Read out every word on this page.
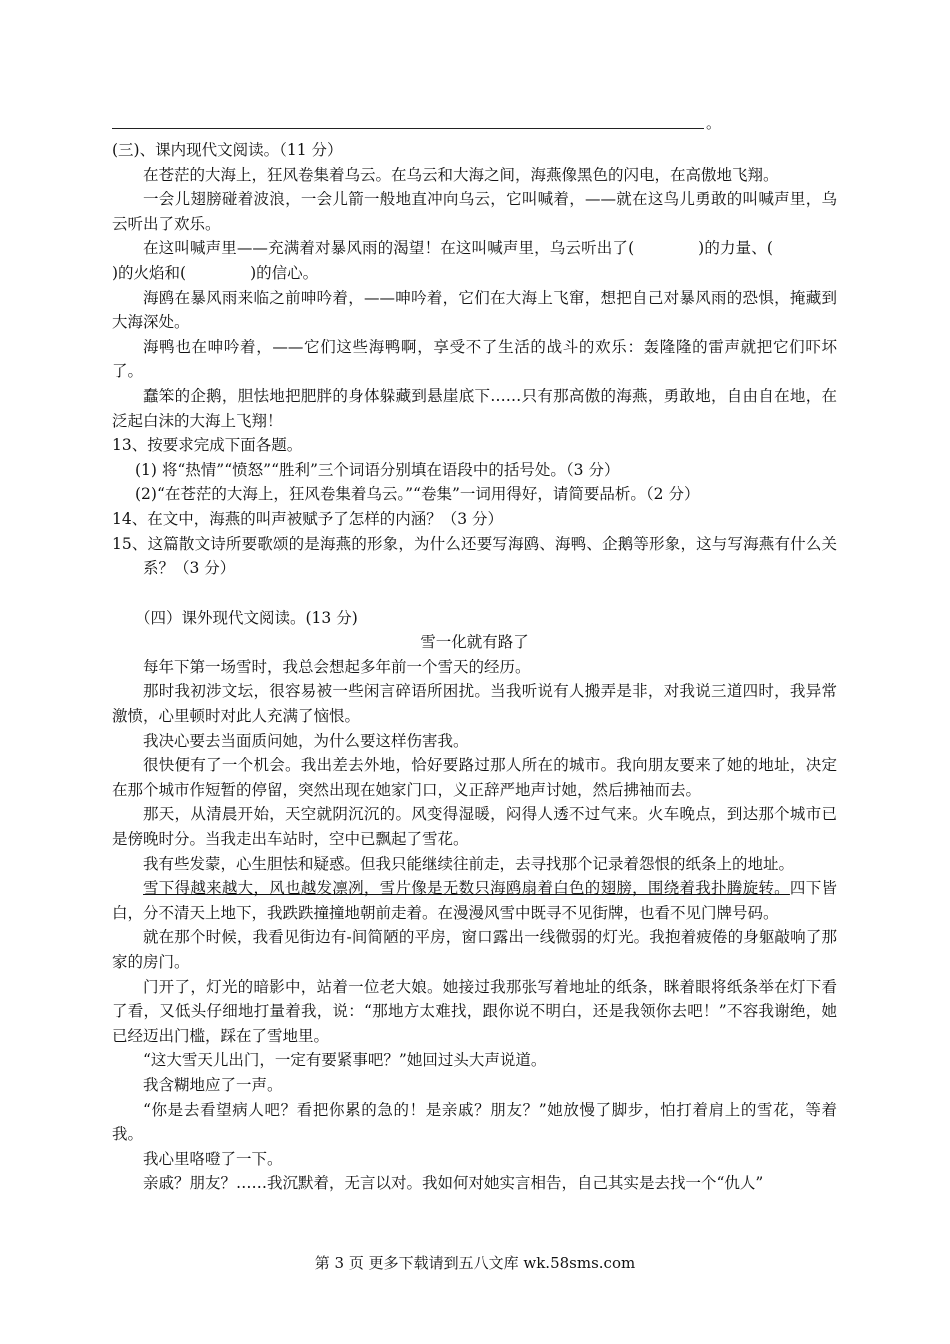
。

(三)、课内现代文阅读。（11 分）

在苍茫的大海上，狂风卷集着乌云。在乌云和大海之间，海燕像黑色的闪电，在高傲地飞翔。

一会儿翅膀碰着波浪，一会儿箭一般地直冲向乌云，它叫喊着，——就在这鸟儿勇敢的叫喊声里，乌云听出了欢乐。

在这叫喊声里——充满着对暴风雨的渴望！在这叫喊声里，乌云听出了(	)的力量、()的火焰和(	)的信心。

海鸥在暴风雨来临之前呻吟着，——呻吟着，它们在大海上飞窜，想把自己对暴风雨的恐惧，掩藏到大海深处。

海鸭也在呻吟着，——它们这些海鸭啊，享受不了生活的战斗的欢乐：轰隆隆的雷声就把它们吓坏了。

蠢笨的企鹅，胆怯地把肥胖的身体躲藏到悬崖底下……只有那高傲的海燕，勇敢地，自由自在地，在泛起白沫的大海上飞翔！

13、按要求完成下面各题。

(1) 将“热情”“愤怒”“胜利”三个词语分别填在语段中的括号处。（3 分）

(2)“在苍茫的大海上，狂风卷集着乌云。”“卷集”一词用得好，请简要品析。（2 分）

14、在文中，海燕的叫声被赋予了怎样的内涵？（3 分）

15、这篇散文诗所要歌颂的是海燕的形象，为什么还要写海鸥、海鸭、企鹅等形象，这与写海燕有什么关系？（3 分）

（四）课外现代文阅读。(13 分)

雪一化就有路了

每年下第一场雪时，我总会想起多年前一个雪天的经历。

那时我初涉文坛，很容易被一些闲言碎语所困扰。当我听说有人搬弄是非，对我说三道四时，我异常激愤，心里顿时对此人充满了恼恨。

我决心要去当面质问她，为什么要这样伤害我。

很快便有了一个机会。我出差去外地，恰好要路过那人所在的城市。我向朋友要来了她的地址，决定在那个城市作短暂的停留，突然出现在她家门口，义正辞严地声讨她，然后拂袖而去。

那天，从清晨开始，天空就阴沉沉的。风变得湿暖，闷得人透不过气来。火车晚点，到达那个城市已是傍晚时分。当我走出车站时，空中已飘起了雪花。

我有些发蒙，心生胆怯和疑惑。但我只能继续往前走，去寻找那个记录着怨恨的纸条上的地址。

雪下得越来越大，风也越发凛冽，雪片像是无数只海鸥扇着白色的翅膀，围绕着我扑腾旋转。四下皆白，分不清天上地下，我跌跌撞撞地朝前走着。在漫漫风雪中既寻不见街牌，也看不见门牌号码。

就在那个时候，我看见街边有-间简陋的平房，窗口露出一线微弱的灯光。我抱着疲倦的身躯敲响了那家的房门。

门开了，灯光的暗影中，站着一位老大娘。她接过我那张写着地址的纸条，眯着眼将纸条举在灯下看了看，又低头仔细地打量着我，说：“那地方太难找，跟你说不明白，还是我领你去吧！”不容我谢绝，她已经迈出门槛，踩在了雪地里。

“这大雪天儿出门，一定有要紧事吧？”她回过头大声说道。

我含糊地应了一声。

“你是去看望病人吧？看把你累的急的！是亲戚？朋友？”她放慢了脚步，怕打着肩上的雪花，等着我。

我心里咯噔了一下。

亲戚？朋友？……我沉默着，无言以对。我如何对她实言相告，自己其实是去找一个“仇人”

第 3 页 更多下载请到五八文库 wk.58sms.com
